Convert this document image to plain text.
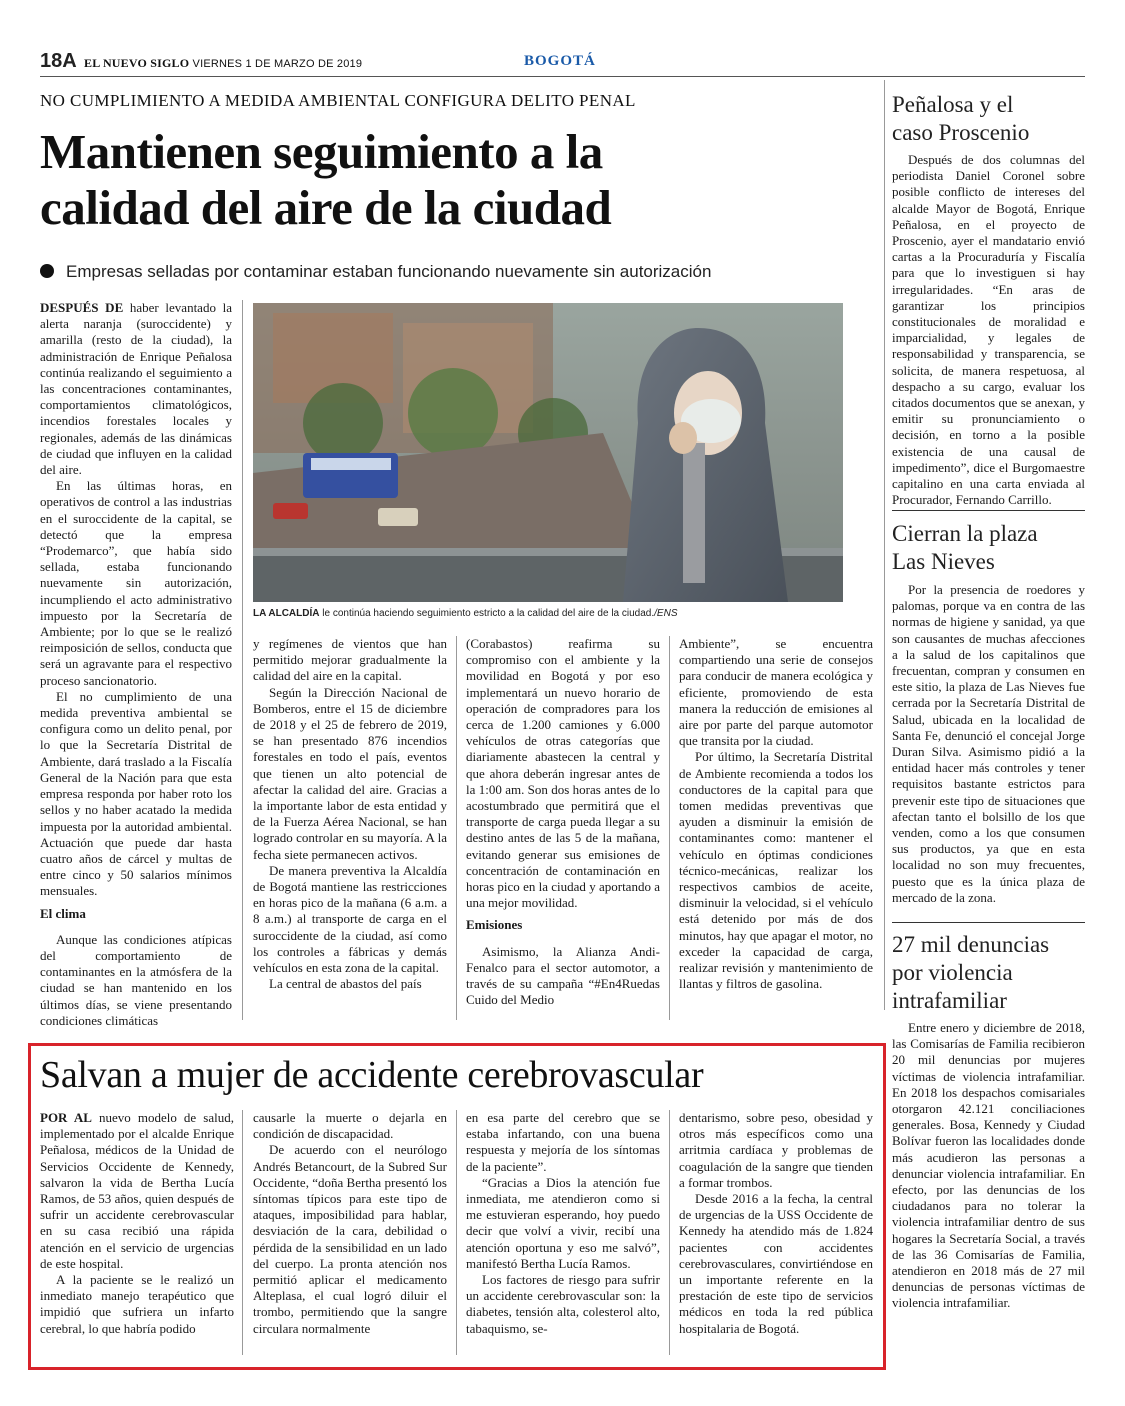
18A EL NUEVO SIGLO VIERNES 1 DE MARZO DE 2019	BOGOTÁ
NO CUMPLIMIENTO A MEDIDA AMBIENTAL CONFIGURA DELITO PENAL
Mantienen seguimiento a la
calidad del aire de la ciudad
Empresas selladas por contaminar estaban funcionando nuevamente sin autorización
LA ALCALDÍA le continúa haciendo seguimiento estricto a la calidad del aire de la ciudad./ENS

DESPUÉS DE haber levantado la alerta naranja (suroccidente) y amarilla (resto de la ciudad), la administración de Enrique Peñalosa continúa realizando el seguimiento a las concentraciones contaminantes, comportamientos climatológicos, incendios forestales locales y regionales, además de las dinámicas de ciudad que influyen en la calidad del aire.

En las últimas horas, en operativos de control a las industrias en el suroccidente de la capital, se detectó que la empresa “Prodemarco”, que había sido sellada, estaba funcionando nuevamente sin autorización, incumpliendo el acto administrativo impuesto por la Secretaría de Ambiente; por lo que se le realizó reimposición de sellos, conducta que será un agravante para el respectivo proceso sancionatorio.

El no cumplimiento de una medida preventiva ambiental se configura como un delito penal, por lo que la Secretaría Distrital de Ambiente, dará traslado a la Fiscalía General de la Nación para que esta empresa responda por haber roto los sellos y no haber acatado la medida impuesta por la autoridad ambiental. Actuación que puede dar hasta cuatro años de cárcel y multas de entre cinco y 50 salarios mínimos mensuales.

El clima

Aunque las condiciones atípicas del comportamiento de contaminantes en la atmósfera de la ciudad se han mantenido en los últimos días, se viene presentando condiciones climáticas

y regímenes de vientos que han permitido mejorar gradualmente la calidad del aire en la capital.

Según la Dirección Nacional de Bomberos, entre el 15 de diciembre de 2018 y el 25 de febrero de 2019, se han presentado 876 incendios forestales en todo el país, eventos que tienen un alto potencial de afectar la calidad del aire. Gracias a la importante labor de esta entidad y de la Fuerza Aérea Nacional, se han logrado controlar en su mayoría. A la fecha siete permanecen activos.

De manera preventiva la Alcaldía de Bogotá mantiene las restricciones en horas pico de la mañana (6 a.m. a 8 a.m.) al transporte de carga en el suroccidente de la ciudad, así como los controles a fábricas y demás vehículos en esta zona de la capital.

La central de abastos del país

(Corabastos) reafirma su compromiso con el ambiente y la movilidad en Bogotá y por eso implementará un nuevo horario de operación de compradores para los cerca de 1.200 camiones y 6.000 vehículos de otras categorías que diariamente abastecen la central y que ahora deberán ingresar antes de la 1:00 am. Son dos horas antes de lo acostumbrado que permitirá que el transporte de carga pueda llegar a su destino antes de las 5 de la mañana, evitando generar sus emisiones de concentración de contaminación en horas pico en la ciudad y aportando a una mejor movilidad.

Emisiones

Asimismo, la Alianza Andi-Fenalco para el sector automotor, a través de su campaña “#En4Ruedas Cuido del Medio

Ambiente”, se encuentra compartiendo una serie de consejos para conducir de manera ecológica y eficiente, promoviendo de esta manera la reducción de emisiones al aire por parte del parque automotor que transita por la ciudad.

Por último, la Secretaría Distrital de Ambiente recomienda a todos los conductores de la capital para que tomen medidas preventivas que ayuden a disminuir la emisión de contaminantes como: mantener el vehículo en óptimas condiciones técnico-mecánicas, realizar los respectivos cambios de aceite, disminuir la velocidad, si el vehículo está detenido por más de dos minutos, hay que apagar el motor, no exceder la capacidad de carga, realizar revisión y mantenimiento de llantas y filtros de gasolina.

Peñalosa y el
caso Proscenio

Después de dos columnas del periodista Daniel Coronel sobre posible conflicto de intereses del alcalde Mayor de Bogotá, Enrique Peñalosa, en el proyecto de Proscenio, ayer el mandatario envió cartas a la Procuraduría y Fiscalía para que lo investiguen si hay irregularidades. “En aras de garantizar los principios constitucionales de moralidad e imparcialidad, y legales de responsabilidad y transparencia, se solicita, de manera respetuosa, al despacho a su cargo, evaluar los citados documentos que se anexan, y emitir su pronunciamiento o decisión, en torno a la posible existencia de una causal de impedimento”, dice el Burgomaestre capitalino en una carta enviada al Procurador, Fernando Carrillo.

Cierran la plaza
Las Nieves

Por la presencia de roedores y palomas, porque va en contra de las normas de higiene y sanidad, ya que son causantes de muchas afecciones a la salud de los capitalinos que frecuentan, compran y consumen en este sitio, la plaza de Las Nieves fue cerrada por la Secretaría Distrital de Salud, ubicada en la localidad de Santa Fe, denunció el concejal Jorge Duran Silva. Asimismo pidió a la entidad hacer más controles y tener requisitos bastante estrictos para prevenir este tipo de situaciones que afectan tanto el bolsillo de los que venden, como a los que consumen sus productos, ya que en esta localidad no son muy frecuentes, puesto que es la única plaza de mercado de la zona.

27 mil denuncias
por violencia
intrafamiliar

Entre enero y diciembre de 2018, las Comisarías de Familia recibieron 20 mil denuncias por mujeres víctimas de violencia intrafamiliar. En 2018 los despachos comisariales otorgaron 42.121 conciliaciones generales. Bosa, Kennedy y Ciudad Bolívar fueron las localidades donde más acudieron las personas a denunciar violencia intrafamiliar. En efecto, por las denuncias de los ciudadanos para no tolerar la violencia intrafamiliar dentro de sus hogares la Secretaría Social, a través de las 36 Comisarías de Familia, atendieron en 2018 más de 27 mil denuncias de personas víctimas de violencia intrafamiliar.

Salvan a mujer de accidente cerebrovascular

POR AL nuevo modelo de salud, implementado por el alcalde Enrique Peñalosa, médicos de la Unidad de Servicios Occidente de Kennedy, salvaron la vida de Bertha Lucía Ramos, de 53 años, quien después de sufrir un accidente cerebrovascular en su casa recibió una rápida atención en el servicio de urgencias de este hospital.

A la paciente se le realizó un inmediato manejo terapéutico que impidió que sufriera un infarto cerebral, lo que habría podido

causarle la muerte o dejarla en condición de discapacidad.

De acuerdo con el neurólogo Andrés Betancourt, de la Subred Sur Occidente, “doña Bertha presentó los síntomas típicos para este tipo de ataques, imposibilidad para hablar, desviación de la cara, debilidad o pérdida de la sensibilidad en un lado del cuerpo. La pronta atención nos permitió aplicar el medicamento Alteplasa, el cual logró diluir el trombo, permitiendo que la sangre circulara normalmente

en esa parte del cerebro que se estaba infartando, con una buena respuesta y mejoría de los síntomas de la paciente”.

“Gracias a Dios la atención fue inmediata, me atendieron como si me estuvieran esperando, hoy puedo decir que volví a vivir, recibí una atención oportuna y eso me salvó”, manifestó Bertha Lucía Ramos.

Los factores de riesgo para sufrir un accidente cerebrovascular son: la diabetes, tensión alta, colesterol alto, tabaquismo, se-

dentarismo, sobre peso, obesidad y otros más específicos como una arritmia cardíaca y problemas de coagulación de la sangre que tienden a formar trombos.

Desde 2016 a la fecha, la central de urgencias de la USS Occidente de Kennedy ha atendido más de 1.824 pacientes con accidentes cerebrovasculares, convirtiéndose en un importante referente en la prestación de este tipo de servicios médicos en toda la red pública hospitalaria de Bogotá.
